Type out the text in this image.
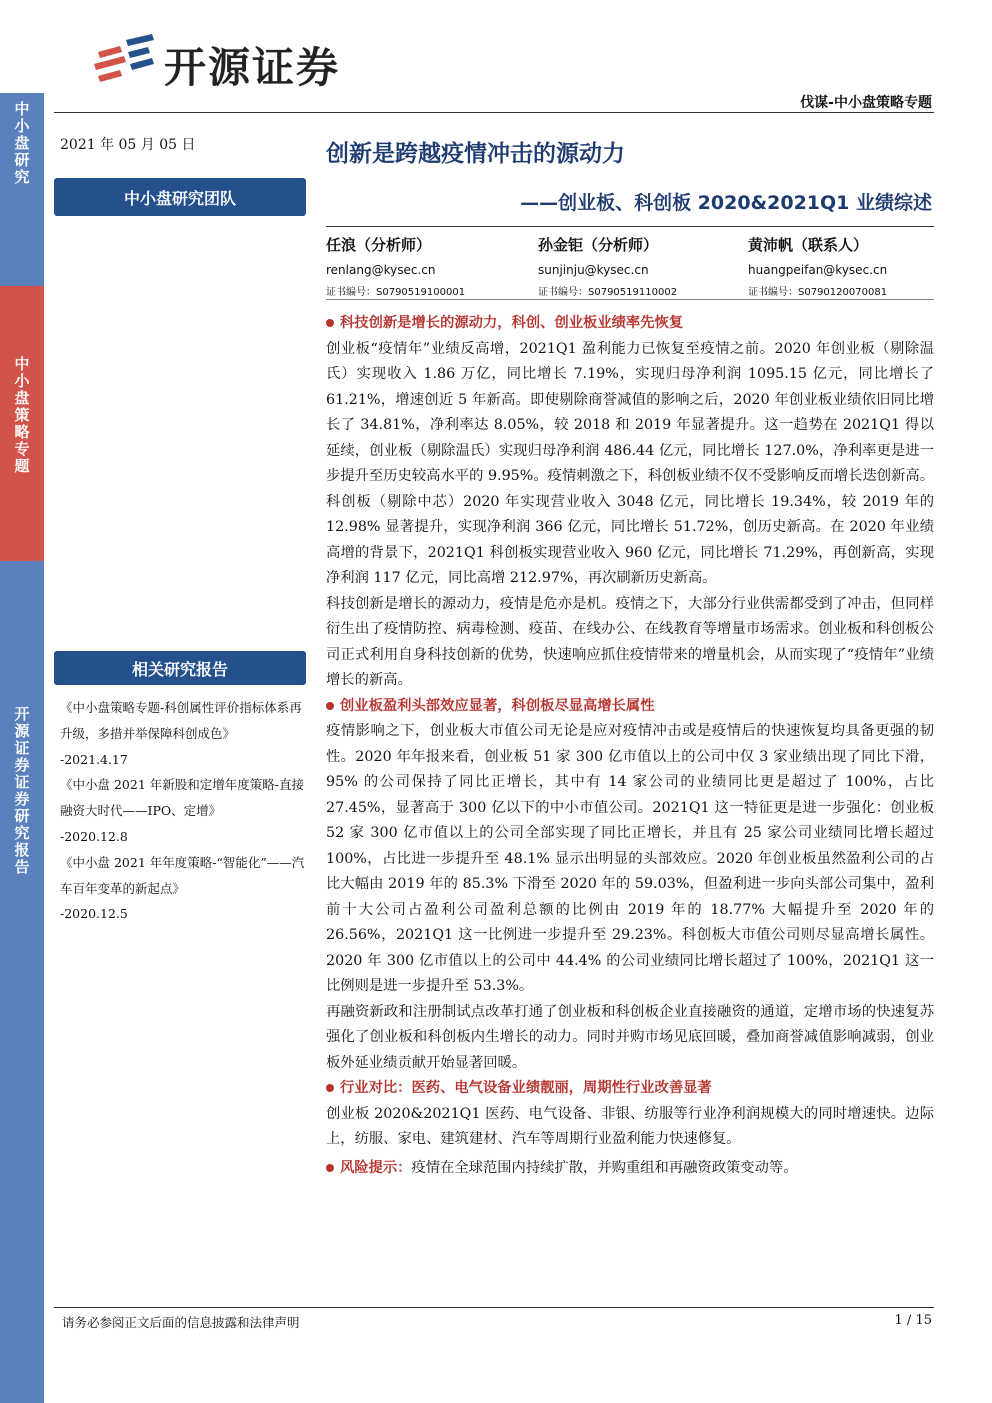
中小盘研究
中小盘策略专题
开源证券 证券研究报告
开源证券
伐谋-中小盘策略专题
2021 年 05 月 05 日
中小盘研究团队
创新是跨越疫情冲击的源动力
——创业板、科创板 2020&2021Q1 业绩综述
任浪（分析师）
renlang@kysec.cn
证书编号：S0790519100001
孙金钜（分析师）
sunjinju@kysec.cn
证书编号：S0790519110002
黄沛帆（联系人）
huangpeifan@kysec.cn
证书编号：S0790120070081
相关研究报告

《中小盘策略专题-科创属性评价指标体系再升级，多措并举保障科创成色》

-2021.4.17

《中小盘 2021 年新股和定增年度策略-直接融资大时代——IPO、定增》

-2020.12.8

《中小盘 2021 年年度策略-“智能化”——汽车百年变革的新起点》

-2020.12.5

科技创新是增长的源动力，科创、创业板业绩率先恢复

创业板“疫情年”业绩反高增，2021Q1 盈利能力已恢复至疫情之前。2020 年创业板（剔除温氏）实现收入 1.86 万亿，同比增长 7.19%，实现归母净利润 1095.15 亿元，同比增长了 61.21%，增速创近 5 年新高。即使剔除商誉减值的影响之后，2020 年创业板业绩依旧同比增长了 34.81%，净利率达 8.05%，较 2018 和 2019 年显著提升。这一趋势在 2021Q1 得以延续，创业板（剔除温氏）实现归母净利润 486.44 亿元，同比增长 127.0%，净利率更是进一步提升至历史较高水平的 9.95%。疫情刺激之下，科创板业绩不仅不受影响反而增长迭创新高。科创板（剔除中芯）2020 年实现营业收入 3048 亿元，同比增长 19.34%，较 2019 年的 12.98% 显著提升，实现净利润 366 亿元，同比增长 51.72%，创历史新高。在 2020 年业绩高增的背景下，2021Q1 科创板实现营业收入 960 亿元，同比增长 71.29%，再创新高，实现净利润 117 亿元，同比高增 212.97%，再次刷新历史新高。

科技创新是增长的源动力，疫情是危亦是机。疫情之下，大部分行业供需都受到了冲击，但同样衍生出了疫情防控、病毒检测、疫苗、在线办公、在线教育等增量市场需求。创业板和科创板公司正式利用自身科技创新的优势，快速响应抓住疫情带来的增量机会，从而实现了“疫情年”业绩增长的新高。

创业板盈利头部效应显著，科创板尽显高增长属性

疫情影响之下，创业板大市值公司无论是应对疫情冲击或是疫情后的快速恢复均具备更强的韧性。2020 年年报来看，创业板 51 家 300 亿市值以上的公司中仅 3 家业绩出现了同比下滑，95% 的公司保持了同比正增长，其中有 14 家公司的业绩同比更是超过了 100%，占比 27.45%，显著高于 300 亿以下的中小市值公司。2021Q1 这一特征更是进一步强化：创业板 52 家 300 亿市值以上的公司全部实现了同比正增长，并且有 25 家公司业绩同比增长超过 100%，占比进一步提升至 48.1% 显示出明显的头部效应。2020 年创业板虽然盈利公司的占比大幅由 2019 年的 85.3% 下滑至 2020 年的 59.03%，但盈利进一步向头部公司集中，盈利前十大公司占盈利公司盈利总额的比例由 2019 年的 18.77% 大幅提升至 2020 年的 26.56%，2021Q1 这一比例进一步提升至 29.23%。科创板大市值公司则尽显高增长属性。2020 年 300 亿市值以上的公司中 44.4% 的公司业绩同比增长超过了 100%，2021Q1 这一比例则是进一步提升至 53.3%。

再融资新政和注册制试点改革打通了创业板和科创板企业直接融资的通道，定增市场的快速复苏强化了创业板和科创板内生增长的动力。同时并购市场见底回暖，叠加商誉减值影响减弱，创业板外延业绩贡献开始显著回暖。

行业对比：医药、电气设备业绩靓丽，周期性行业改善显著

创业板 2020&2021Q1 医药、电气设备、非银、纺服等行业净利润规模大的同时增速快。边际上，纺服、家电、建筑建材、汽车等周期行业盈利能力快速修复。

风险提示：疫情在全球范围内持续扩散，并购重组和再融资政策变动等。

请务必参阅正文后面的信息披露和法律声明	1 / 15
